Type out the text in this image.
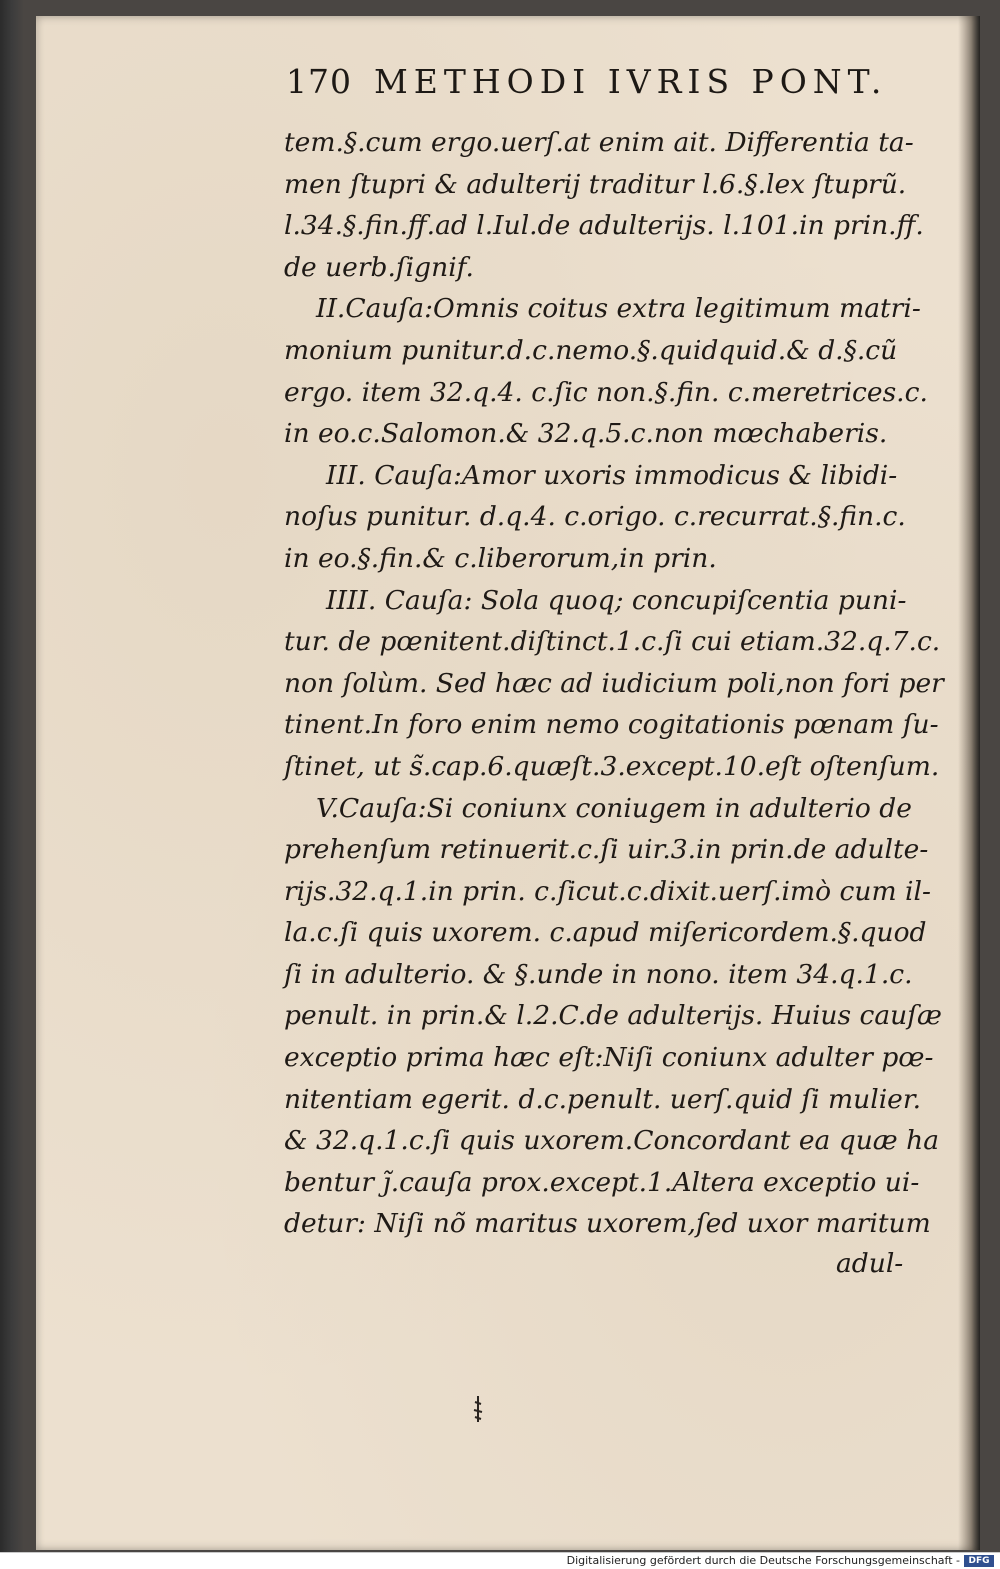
170 METHODI IVRIS PONT.
tem.§.cum ergo.uerſ.at enim ait. Differentia ta-
men ſtupri & adulterij traditur l.6.§.lex ſtuprũ.
l.34.§.fin.ff.ad l.Iul.de adulterijs. l.101.in prin.ff.
de uerb.ſignif.
II.Cauſa:Omnis coitus extra legitimum matri-
monium punitur.d.c.nemo.§.quidquid.& d.§.cũ
ergo. item 32.q.4. c.ſic non.§.fin. c.meretrices.c.
in eo.c.Salomon.& 32.q.5.c.non mœchaberis.
III. Cauſa:Amor uxoris immodicus & libidi-
noſus punitur. d.q.4. c.origo. c.recurrat.§.fin.c.
in eo.§.fin.& c.liberorum,in prin.
IIII. Cauſa: Sola quoq; concupiſcentia puni-
tur. de pœnitent.diſtinct.1.c.ſi cui etiam.32.q.7.c.
non ſolùm. Sed hæc ad iudicium poli,non fori per
tinent.In foro enim nemo cogitationis pœnam ſu-
ſtinet, ut s̃.cap.6.quæſt.3.except.10.eſt oſtenſum.
V.Cauſa:Si coniunx coniugem in adulterio de
prehenſum retinuerit.c.ſi uir.3.in prin.de adulte-
rijs.32.q.1.in prin. c.ſicut.c.dixit.uerſ.imò cum il-
la.c.ſi quis uxorem. c.apud miſericordem.§.quod
ſi in adulterio. & §.unde in nono. item 34.q.1.c.
penult. in prin.& l.2.C.de adulterijs. Huius cauſæ
exceptio prima hæc eſt:Niſi coniunx adulter pœ-
nitentiam egerit. d.c.penult. uerſ.quid ſi mulier.
& 32.q.1.c.ſi quis uxorem.Concordant ea quæ ha
bentur j̃.cauſa prox.except.1.Altera exceptio ui-
detur: Niſi nõ maritus uxorem,ſed uxor maritum
adul-
Digitalisierung gefördert durch die Deutsche Forschungsgemeinschaft - DFG
